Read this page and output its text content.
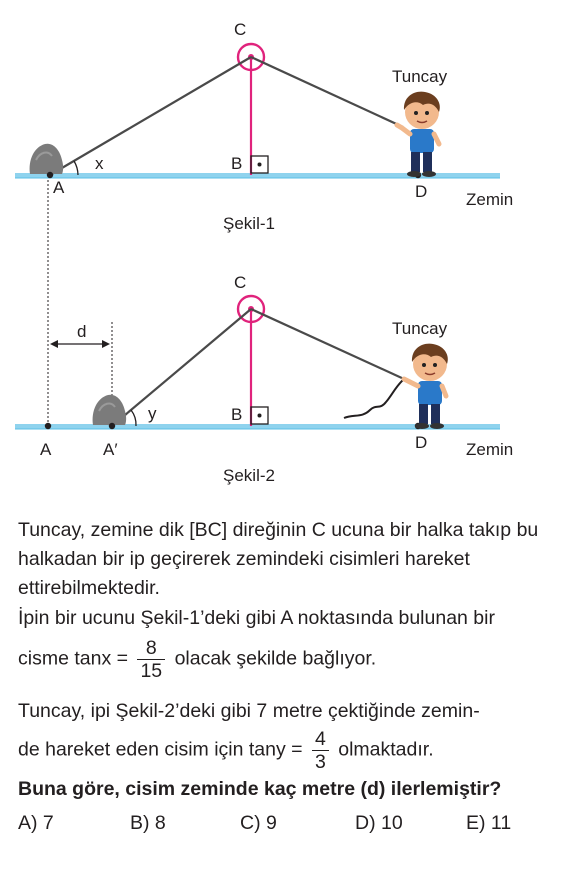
A
x	B
C
D
Tuncay
Zemin
Şekil-1
A	A′
y
d
B
C
D
Tuncay
Zemin
Şekil-2

Tuncay, zemine dik [BC] direğinin C ucuna bir halka takıp bu halkadan bir ip geçirerek zemindeki cisimleri hareket ettirebilmektedir.

İpin bir ucunu Şekil-1’deki gibi A noktasında bulunan bir
cisme $\tan x = \frac{8}{15}$ olacak şekilde bağlıyor.
Tuncay, ipi Şekil-2’deki gibi 7 metre çektiğinde zemin-
de hareket eden cisim için $\tan y = \frac{4}{3}$ olmaktadır.

Buna göre, cisim zeminde kaç metre (d) ilerlemiştir?

A) 7	B) 8	C) 9	D) 10	E) 11
